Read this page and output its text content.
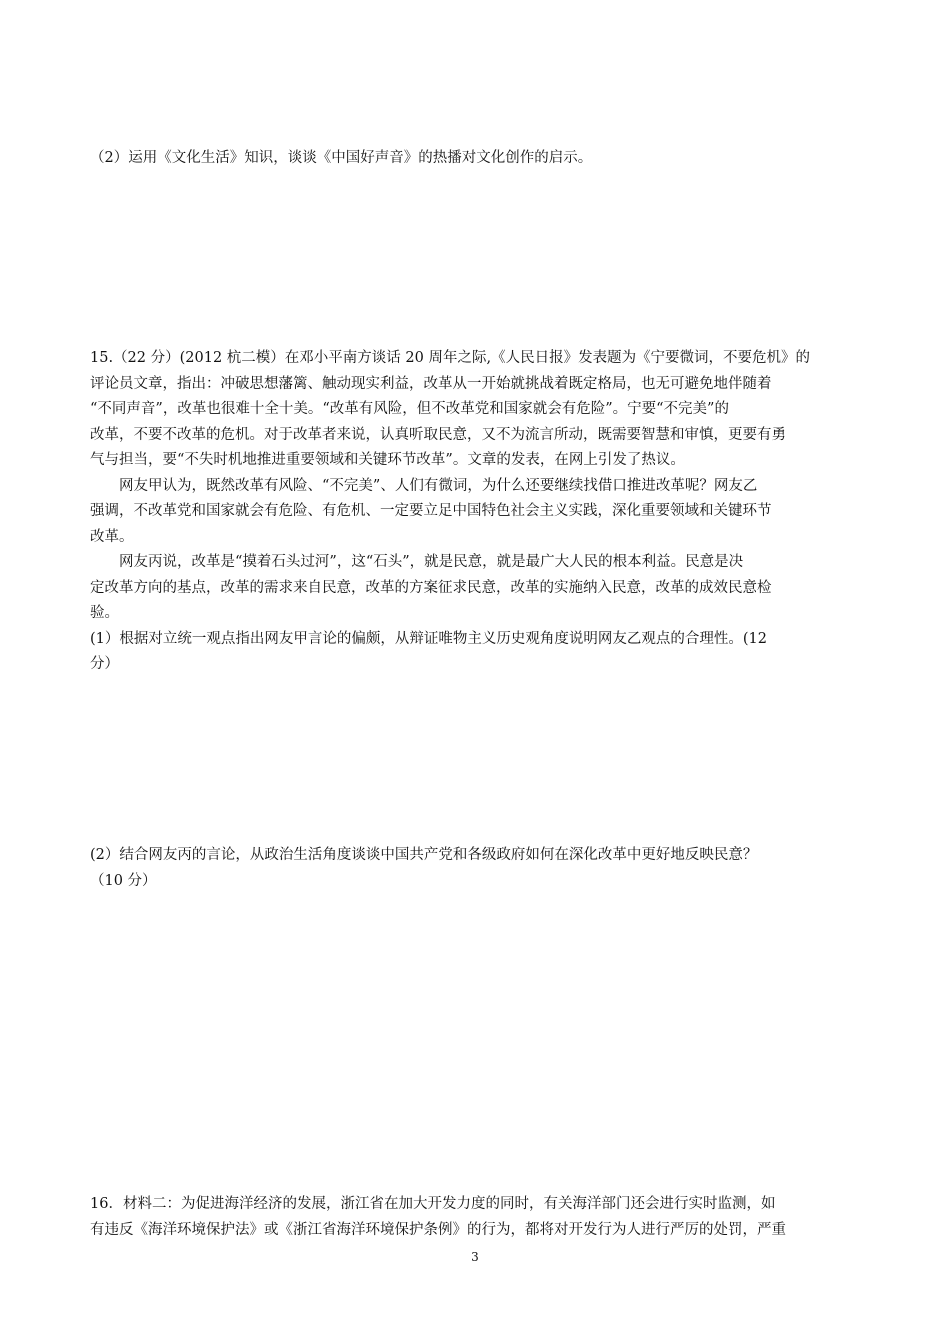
（2）运用《文化生活》知识，谈谈《中国好声音》的热播对文化创作的启示。

15.（22 分）(2012 杭二模）在邓小平南方谈话 20 周年之际,《人民日报》发表题为《宁要微词，不要危机》的
评论员文章，指出：冲破思想藩篱、触动现实利益，改革从一开始就挑战着既定格局，也无可避免地伴随着
“不同声音”，改革也很难十全十美。“改革有风险，但不改革党和国家就会有危险”。宁要“不完美”的
改革，不要不改革的危机。对于改革者来说，认真听取民意，又不为流言所动，既需要智慧和审慎，更要有勇
气与担当，要“不失时机地推进重要领域和关键环节改革”。文章的发表，在网上引发了热议。
网友甲认为，既然改革有风险、“不完美”、人们有微词，为什么还要继续找借口推进改革呢？网友乙
强调，不改革党和国家就会有危险、有危机、一定要立足中国特色社会主义实践，深化重要领域和关键环节
改革。
网友丙说，改革是“摸着石头过河”，这“石头”，就是民意，就是最广大人民的根本利益。民意是决
定改革方向的基点，改革的需求来自民意，改革的方案征求民意，改革的实施纳入民意，改革的成效民意检
验。
(1）根据对立统一观点指出网友甲言论的偏颇，从辩证唯物主义历史观角度说明网友乙观点的合理性。(12
分）
(2）结合网友丙的言论，从政治生活角度谈谈中国共产党和各级政府如何在深化改革中更好地反映民意？
（10 分）
16．材料二：为促进海洋经济的发展，浙江省在加大开发力度的同时，有关海洋部门还会进行实时监测，如
有违反《海洋环境保护法》或《浙江省海洋环境保护条例》的行为，都将对开发行为人进行严厉的处罚，严重
3
